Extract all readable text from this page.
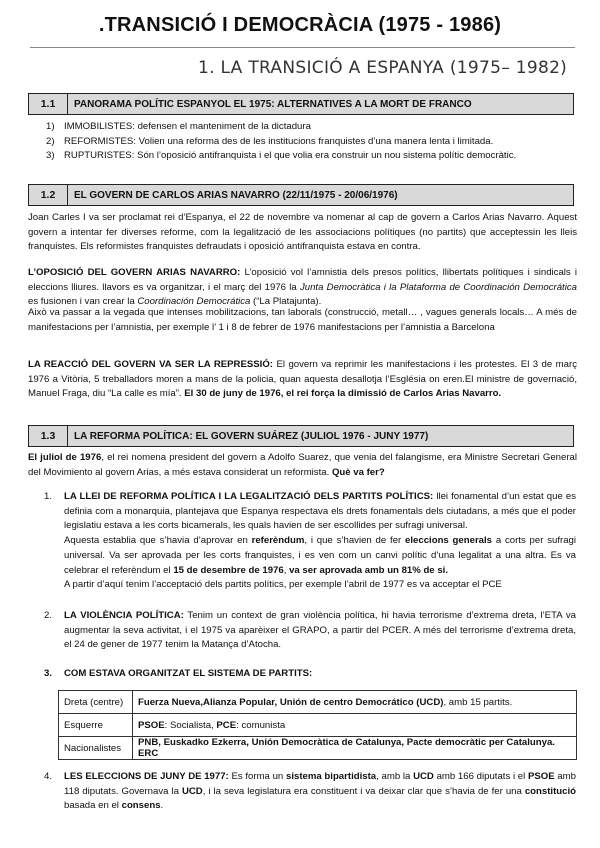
.TRANSICIÓ I DEMOCRÀCIA (1975 - 1986)
1. LA TRANSICIÓ A ESPANYA (1975– 1982)
1.1	PANORAMA POLÍTIC ESPANYOL EL 1975: ALTERNATIVES A LA MORT DE FRANCO
1) IMMOBILISTES: defensen el manteniment de la dictadura
2) REFORMISTES: Volien una reforma des de les institucions franquistes d’una manera lenta i limitada.
3) RUPTURISTES: Són l’oposició antifranquista i el que volia era construir un nou sistema polític democràtic.
1.2	EL GOVERN DE CARLOS ARIAS NAVARRO (22/11/1975 - 20/06/1976)
Joan Carles I va ser proclamat rei d’Espanya, el 22 de novembre va nomenar al cap de govern a Carlos Arias Navarro. Aquest govern a intentar fer diverses reforme, com la legalització de les associacions polítiques (no partits) que acceptessin les lleis franquistes. Els reformistes franquistes defraudats i oposició antifranquista estava en contra.
L’OPOSICIÓ DEL GOVERN ARIAS NAVARRO: L’oposició vol l’amnistia dels presos polítics, llibertats polítiques i sindicals i eleccions lliures. llavors es va organitzar, i el març del 1976 la Junta Democràtica i la Plataforma de Coordinación Democrática es fusionen i van crear la Coordinación Democrática (“La Platajunta).
Això va passar a la vegada que intenses mobilitzacions, tan laborals (construcció, metall… , vagues generals locals… A més de manifestacions per l’amnistia, per exemple l’ 1 i 8 de febrer de 1976 manifestacions per l’amnistia a Barcelona
LA REACCIÓ DEL GOVERN VA SER LA REPRESSIÓ: El govern va reprimir les manifestacions i les protestes. El 3 de març 1976 a Vitòria, 5 treballadors moren a mans de la policia, quan aquesta desallotja l’Església on eren.El ministre de governació, Manuel Fraga, diu “La calle es mía”. El 30 de juny de 1976, el rei força la dimissió de Carlos Arias Navarro.
1.3	LA REFORMA POLÍTICA: EL GOVERN SUÁREZ (JULIOL 1976 - JUNY 1977)
El juliol de 1976, el rei nomena president del govern a Adolfo Suarez, que venia del falangisme, era Ministre Secretari General del Movimiento al govern Arias, a més estava considerat un reformista. Què va fer?
1. LA LLEI DE REFORMA POLÍTICA I LA LEGALITZACIÓ DELS PARTITS POLÍTICS: llei fonamental d’un estat que es definia com a monarquia, plantejava que Espanya respectava els drets fonamentals dels ciutadans, a més que el poder legislatiu estava a les corts bicamerals, les quals havien de ser escollides per sufragi universal.
Aquesta establia que s’havia d’aprovar en referèndum, i que s’havien de fer eleccions generals a corts per sufragi universal. Va ser aprovada per les corts franquistes, i es ven com un canvi polític d’una legalitat a una altra. Es va celebrar el referèndum el 15 de desembre de 1976, va ser aprovada amb un 81% de si.
A partir d’aquí tenim l’acceptació dels partits polítics, per exemple l’abril de 1977 es va acceptar el PCE
2. LA VIOLÈNCIA POLÍTICA: Tenim un context de gran violència política, hi havia terrorisme d’extrema dreta, l’ETA va augmentar la seva activitat, i el 1975 va aparèixer el GRAPO, a partir del PCER. A més del terrorisme d’extrema dreta, el 24 de gener de 1977 tenim la Matança d’Atocha.
3. COM ESTAVA ORGANITZAT EL SISTEMA DE PARTITS:
Dreta (centre)	Fuerza Nueva,Alianza Popular, Unión de centro Democrático (UCD), amb 15 partits.
Esquerre	PSOE: Socialista, PCE: comunista
Nacionalistes	PNB, Euskadko Ezkerra, Unión Democràtica de Catalunya, Pacte democràtic per Catalunya. ERC
4. LES ELECCIONS DE JUNY DE 1977: Es forma un sistema bipartidista, amb la UCD amb 166 diputats i el PSOE amb 118 diputats. Governava la UCD, i la seva legislatura era constituent i va deixar clar que s’havia de fer una constitució basada en el consens.
